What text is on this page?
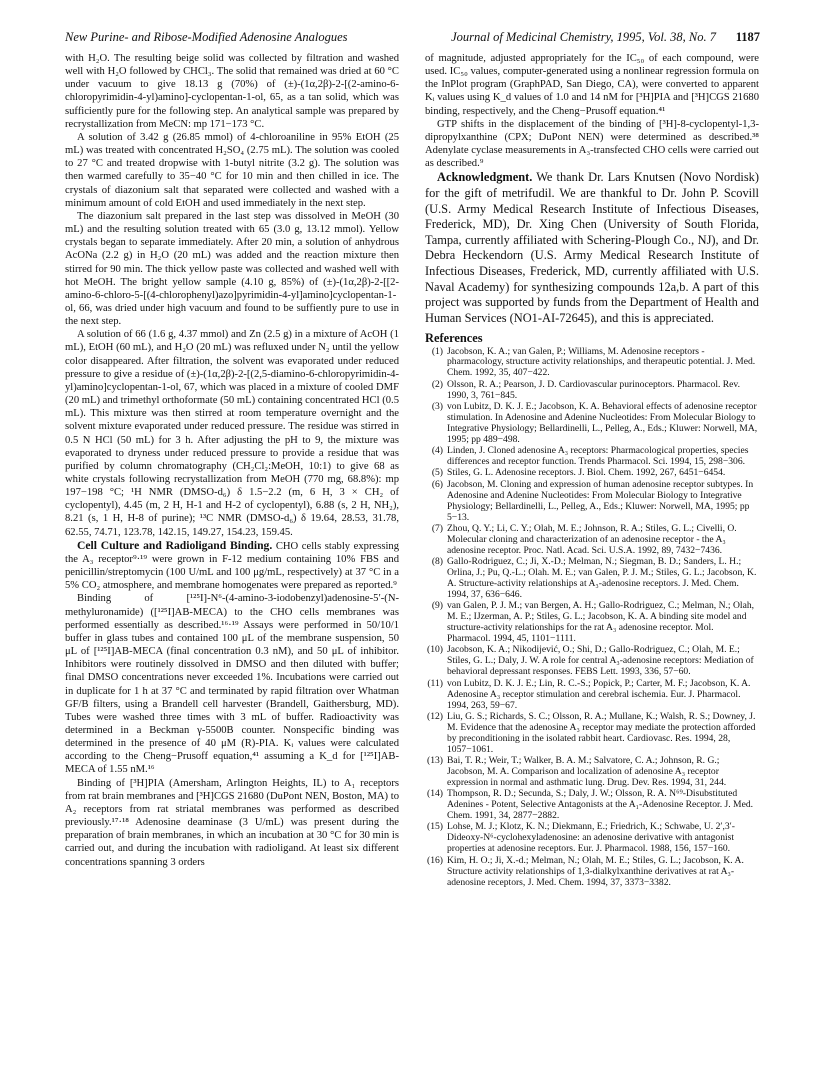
New Purine- and Ribose-Modified Adenosine Analogues	Journal of Medicinal Chemistry, 1995, Vol. 38, No. 7 1187

with H₂O. The resulting beige solid was collected by filtration and washed well with H₂O followed by CHCl₃. The solid that remained was dried at 60 °C under vacuum to give 18.13 g (70%) of (±)-(1α,2β)-2-[(2-amino-6-chloropyrimidin-4-yl)amino]-cyclopentan-1-ol, 65, as a tan solid, which was sufficiently pure for the following step. An analytical sample was prepared by recrystallization from MeCN: mp 171−173 °C.

A solution of 3.42 g (26.85 mmol) of 4-chloroaniline in 95% EtOH (25 mL) was treated with concentrated H₂SO₄ (2.75 mL). The solution was cooled to 27 °C and treated dropwise with 1-butyl nitrite (3.2 g). The solution was then warmed carefully to 35−40 °C for 10 min and then chilled in ice. The crystals of diazonium salt that separated were collected and washed with a minimum amount of cold EtOH and used immediately in the next step.

The diazonium salt prepared in the last step was dissolved in MeOH (30 mL) and the resulting solution treated with 65 (3.0 g, 13.12 mmol). Yellow crystals began to separate immediately. After 20 min, a solution of anhydrous AcONa (2.2 g) in H₂O (20 mL) was added and the reaction mixture then stirred for 90 min. The thick yellow paste was collected and washed well with hot MeOH. The bright yellow sample (4.10 g, 85%) of (±)-(1α,2β)-2-[[2-amino-6-chloro-5-[(4-chlorophenyl)azo]pyrimidin-4-yl]amino]cyclopentan-1-ol, 66, was dried under high vacuum and found to be suffiently pure to use in the next step.

A solution of 66 (1.6 g, 4.37 mmol) and Zn (2.5 g) in a mixture of AcOH (1 mL), EtOH (60 mL), and H₂O (20 mL) was refluxed under N₂ until the yellow color disappeared. After filtration, the solvent was evaporated under reduced pressure to give a residue of (±)-(1α,2β)-2-[(2,5-diamino-6-chloropyrimidin-4-yl)amino]cyclopentan-1-ol, 67, which was placed in a mixture of cooled DMF (20 mL) and trimethyl orthoformate (50 mL) containing concentrated HCl (0.5 mL). This mixture was then stirred at room temperature overnight and the solvent mixture evaporated under reduced pressure. The residue was stirred in 0.5 N HCl (50 mL) for 3 h. After adjusting the pH to 9, the mixture was evaporated to dryness under reduced pressure to provide a residue that was purified by column chromatography (CH₂Cl₂:MeOH, 10:1) to give 68 as white crystals following recrystallization from MeOH (770 mg, 68.8%): mp 197−198 °C; ¹H NMR (DMSO-d₆) δ 1.5−2.2 (m, 6 H, 3 × CH₂ of cyclopentyl), 4.45 (m, 2 H, H-1 and H-2 of cyclopentyl), 6.88 (s, 2 H, NH₂), 8.21 (s, 1 H, H-8 of purine); ¹³C NMR (DMSO-d₆) δ 19.64, 28.53, 31.78, 62.55, 74.71, 123.78, 142.15, 149.27, 154.23, 159.45.

Cell Culture and Radioligand Binding. CHO cells stably expressing the A₃ receptor⁹·¹⁹ were grown in F-12 medium containing 10% FBS and penicillin/streptomycin (100 U/mL and 100 μg/mL, respectively) at 37 °C in a 5% CO₂ atmosphere, and membrane homogenates were prepared as reported.⁹

Binding of [¹²⁵I]-N⁶-(4-amino-3-iodobenzyl)adenosine-5′-(N-methyluronamide) ([¹²⁵I]AB-MECA) to the CHO cells membranes was performed essentially as described.¹⁶·¹⁹ Assays were performed in 50/10/1 buffer in glass tubes and contained 100 μL of the membrane suspension, 50 μL of [¹²⁵I]AB-MECA (final concentration 0.3 nM), and 50 μL of inhibitor. Inhibitors were routinely dissolved in DMSO and then diluted with buffer; final DMSO concentrations never exceeded 1%. Incubations were carried out in duplicate for 1 h at 37 °C and terminated by rapid filtration over Whatman GF/B filters, using a Brandell cell harvester (Brandell, Gaithersburg, MD). Tubes were washed three times with 3 mL of buffer. Radioactivity was determined in a Beckman γ-5500B counter. Nonspecific binding was determined in the presence of 40 μM (R)-PIA. Kᵢ values were calculated according to the Cheng−Prusoff equation,⁴¹ assuming a K_d for [¹²⁵I]AB-MECA of 1.55 nM.¹⁶

Binding of [³H]PIA (Amersham, Arlington Heights, IL) to A₁ receptors from rat brain membranes and [³H]CGS 21680 (DuPont NEN, Boston, MA) to A₂ receptors from rat striatal membranes was performed as described previously.¹⁷·¹⁸ Adenosine deaminase (3 U/mL) was present during the preparation of brain membranes, in which an incubation at 30 °C for 30 min is carried out, and during the incubation with radioligand. At least six different concentrations spanning 3 orders

of magnitude, adjusted appropriately for the IC₅₀ of each compound, were used. IC₅₀ values, computer-generated using a nonlinear regression formula on the InPlot program (GraphPAD, San Diego, CA), were converted to apparent Kᵢ values using K_d values of 1.0 and 14 nM for [³H]PIA and [³H]CGS 21680 binding, respectively, and the Cheng−Prusoff equation.⁴¹

GTP shifts in the displacement of the binding of [³H]-8-cyclopentyl-1,3-dipropylxanthine (CPX; DuPont NEN) were determined as described.³⁸ Adenylate cyclase measurements in A₃-transfected CHO cells were carried out as described.⁹

Acknowledgment. We thank Dr. Lars Knutsen (Novo Nordisk) for the gift of metrifudil. We are thankful to Dr. John P. Scovill (U.S. Army Medical Research Institute of Infectious Diseases, Frederick, MD), Dr. Xing Chen (University of South Florida, Tampa, currently affiliated with Schering-Plough Co., NJ), and Dr. Debra Heckendorn (U.S. Army Medical Research Institute of Infectious Diseases, Frederick, MD, currently affiliated with U.S. Naval Academy) for synthesizing compounds 12a,b. A part of this project was supported by funds from the Department of Health and Human Services (NO1-AI-72645), and this is appreciated.

References
(1) Jacobson, K. A.; van Galen, P.; Williams, M. Adenosine receptors - pharmacology, structure activity relationships, and therapeutic potential. J. Med. Chem. 1992, 35, 407−422.
(2) Olsson, R. A.; Pearson, J. D. Cardiovascular purinoceptors. Pharmacol. Rev. 1990, 3, 761−845.
(3) von Lubitz, D. K. J. E.; Jacobson, K. A. Behavioral effects of adenosine receptor stimulation. In Adenosine and Adenine Nucleotides: From Molecular Biology to Integrative Physiology; Bellardinelli, L., Pelleg, A., Eds.; Kluwer: Norwell, MA, 1995; pp 489−498.
(4) Linden, J. Cloned adenosine A₃ receptors: Pharmacological properties, species differences and receptor function. Trends Pharmacol. Sci. 1994, 15, 298−306.
(5) Stiles, G. L. Adenosine receptors. J. Biol. Chem. 1992, 267, 6451−6454.
(6) Jacobson, M. Cloning and expression of human adenosine receptor subtypes. In Adenosine and Adenine Nucleotides: From Molecular Biology to Integrative Physiology; Bellardinelli, L., Pelleg, A., Eds.; Kluwer: Norwell, MA, 1995; pp 5−13.
(7) Zhou, Q. Y.; Li, C. Y.; Olah, M. E.; Johnson, R. A.; Stiles, G. L.; Civelli, O. Molecular cloning and characterization of an adenosine receptor - the A₃ adenosine receptor. Proc. Natl. Acad. Sci. U.S.A. 1992, 89, 7432−7436.
(8) Gallo-Rodriguez, C.; Ji, X.-D.; Melman, N.; Siegman, B. D.; Sanders, L. H.; Orlina, J.; Pu, Q.-L.; Olah. M. E.; van Galen, P. J. M.; Stiles, G. L.; Jacobson, K. A. Structure-activity relationships at A₃-adenosine receptors. J. Med. Chem. 1994, 37, 636−646.
(9) van Galen, P. J. M.; van Bergen, A. H.; Gallo-Rodriguez, C.; Melman, N.; Olah, M. E.; IJzerman, A. P.; Stiles, G. L.; Jacobson, K. A. A binding site model and structure-activity relationships for the rat A₃ adenosine receptor. Mol. Pharmacol. 1994, 45, 1101−1111.
(10) Jacobson, K. A.; Nikodijević, O.; Shi, D.; Gallo-Rodriguez, C.; Olah, M. E.; Stiles, G. L.; Daly, J. W. A role for central A₃-adenosine receptors: Mediation of behavioral depressant responses. FEBS Lett. 1993, 336, 57−60.
(11) von Lubitz, D. K. J. E.; Lin, R. C.-S.; Popick, P.; Carter, M. F.; Jacobson, K. A. Adenosine A₃ receptor stimulation and cerebral ischemia. Eur. J. Pharmacol. 1994, 263, 59−67.
(12) Liu, G. S.; Richards, S. C.; Olsson, R. A.; Mullane, K.; Walsh, R. S.; Downey, J. M. Evidence that the adenosine A₃ receptor may mediate the protection afforded by preconditioning in the isolated rabbit heart. Cardiovasc. Res. 1994, 28, 1057−1061.
(13) Bai, T. R.; Weir, T.; Walker, B. A. M.; Salvatore, C. A.; Johnson, R. G.; Jacobson, M. A. Comparison and localization of adenosine A₃ receptor expression in normal and asthmatic lung. Drug. Dev. Res. 1994, 31, 244.
(14) Thompson, R. D.; Secunda, S.; Daly, J. W.; Olsson, R. A. N⁶⁹-Disubstituted Adenines - Potent, Selective Antagonists at the A₁-Adenosine Receptor. J. Med. Chem. 1991, 34, 2877−2882.
(15) Lohse, M. J.; Klotz, K. N.; Diekmann, E.; Friedrich, K.; Schwabe, U. 2′,3′-Dideoxy-N⁶-cyclohexyladenosine: an adenosine derivative with antagonist properties at adenosine receptors. Eur. J. Pharmacol. 1988, 156, 157−160.
(16) Kim, H. O.; Ji, X.-d.; Melman, N.; Olah, M. E.; Stiles, G. L.; Jacobson, K. A. Structure activity relationships of 1,3-dialkylxanthine derivatives at rat A₃-adenosine receptors, J. Med. Chem. 1994, 37, 3373−3382.
